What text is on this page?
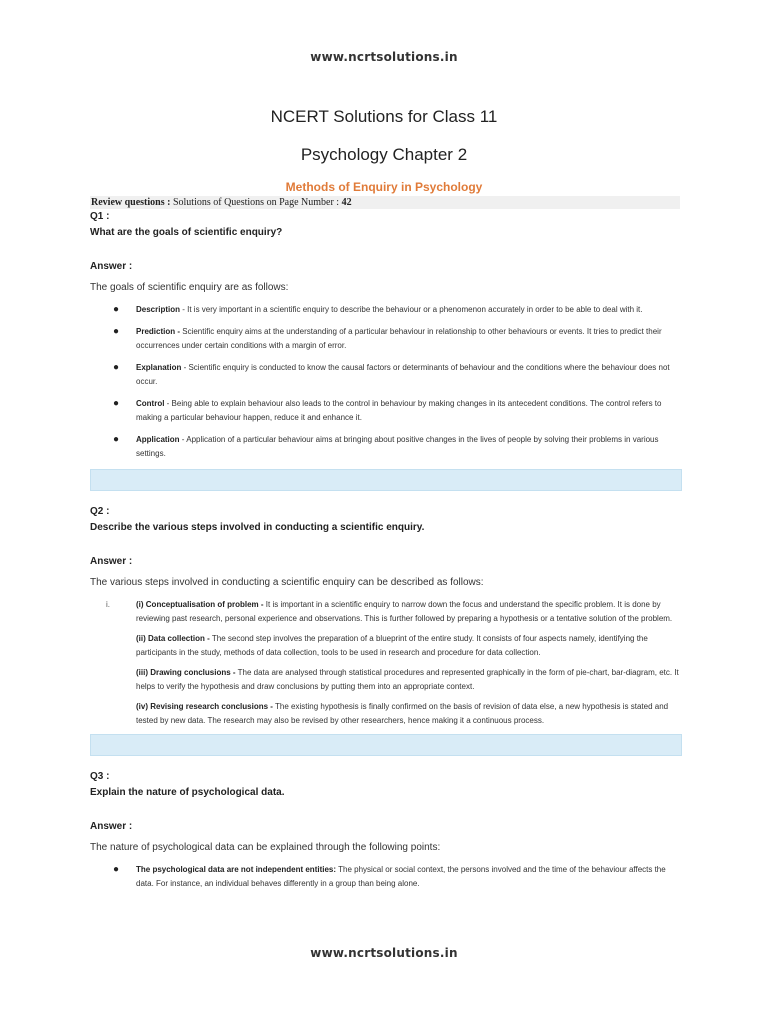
www.ncrtsolutions.in
NCERT Solutions for Class 11
Psychology Chapter 2
Methods of Enquiry in Psychology
Review questions : Solutions of Questions on Page Number : 42
Q1 :
What are the goals of scientific enquiry?
Answer :
The goals of scientific enquiry are as follows:
● Description - It is very important in a scientific enquiry to describe the behaviour or a phenomenon accurately in order to be able to deal with it.
● Prediction - Scientific enquiry aims at the understanding of a particular behaviour in relationship to other behaviours or events. It tries to predict their occurrences under certain conditions with a margin of error.
● Explanation - Scientific enquiry is conducted to know the causal factors or determinants of behaviour and the conditions where the behaviour does not occur.
● Control - Being able to explain behaviour also leads to the control in behaviour by making changes in its antecedent conditions. The control refers to making a particular behaviour happen, reduce it and enhance it.
● Application - Application of a particular behaviour aims at bringing about positive changes in the lives of people by solving their problems in various settings.
Q2 :
Describe the various steps involved in conducting a scientific enquiry.
Answer :
The various steps involved in conducting a scientific enquiry can be described as follows:
i.	(i) Conceptualisation of problem - It is important in a scientific enquiry to narrow down the focus and understand the specific problem. It is done by reviewing past research, personal experience and observations. This is further followed by preparing a hypothesis or a tentative solution of the problem.
(ii) Data collection - The second step involves the preparation of a blueprint of the entire study. It consists of four aspects namely, identifying the participants in the study, methods of data collection, tools to be used in research and procedure for data collection.
(iii) Drawing conclusions - The data are analysed through statistical procedures and represented graphically in the form of pie-chart, bar-diagram, etc. It helps to verify the hypothesis and draw conclusions by putting them into an appropriate context.
(iv) Revising research conclusions - The existing hypothesis is finally confirmed on the basis of revision of data else, a new hypothesis is stated and tested by new data. The research may also be revised by other researchers, hence making it a continuous process.
Q3 :
Explain the nature of psychological data.
Answer :
The nature of psychological data can be explained through the following points:
● The psychological data are not independent entities: The physical or social context, the persons involved and the time of the behaviour affects the data. For instance, an individual behaves differently in a group than being alone.
www.ncrtsolutions.in
